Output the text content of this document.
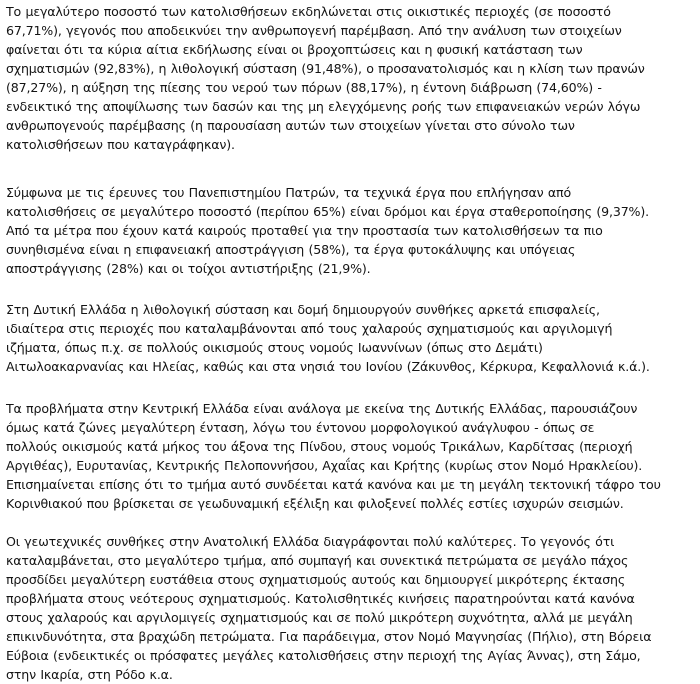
Το μεγαλύτερο ποσοστό των κατολισθήσεων εκδηλώνεται στις οικιστικές περιοχές (σε ποσοστό
67,71%), γεγονός που αποδεικνύει την ανθρωπογενή παρέμβαση. Από την ανάλυση των στοιχείων
φαίνεται ότι τα κύρια αίτια εκδήλωσης είναι οι βροχοπτώσεις και η φυσική κατάσταση των
σχηματισμών (92,83%), η λιθολογική σύσταση (91,48%), ο προσανατολισμός και η κλίση των πρανών
(87,27%), η αύξηση της πίεσης του νερού των πόρων (88,17%), η έντονη διάβρωση (74,60%) -
ενδεικτικό της αποψίλωσης των δασών και της μη ελεγχόμενης ροής των επιφανειακών νερών λόγω
ανθρωπογενούς παρέμβασης (η παρουσίαση αυτών των στοιχείων γίνεται στο σύνολο των
κατολισθήσεων που καταγράφηκαν).

Σύμφωνα με τις έρευνες του Πανεπιστημίου Πατρών, τα τεχνικά έργα που επλήγησαν από
κατολισθήσεις σε μεγαλύτερο ποσοστό (περίπου 65%) είναι δρόμοι και έργα σταθεροποίησης (9,37%).
Από τα μέτρα που έχουν κατά καιρούς προταθεί για την προστασία των κατολισθήσεων τα πιο
συνηθισμένα είναι η επιφανειακή αποστράγγιση (58%), τα έργα φυτοκάλυψης και υπόγειας
αποστράγγισης (28%) και οι τοίχοι αντιστήριξης (21,9%).

Στη Δυτική Ελλάδα η λιθολογική σύσταση και δομή δημιουργούν συνθήκες αρκετά επισφαλείς,
ιδιαίτερα στις περιοχές που καταλαμβάνονται από τους χαλαρούς σχηματισμούς και αργιλομιγή
ιζήματα, όπως π.χ. σε πολλούς οικισμούς στους νομούς Ιωαννίνων (όπως στο Δεμάτι)
Αιτωλοακαρνανίας και Ηλείας, καθώς και στα νησιά του Ιονίου (Ζάκυνθος, Κέρκυρα, Κεφαλλονιά κ.ά.).

Τα προβλήματα στην Κεντρική Ελλάδα είναι ανάλογα με εκείνα της Δυτικής Ελλάδας, παρουσιάζουν
όμως κατά ζώνες μεγαλύτερη ένταση, λόγω του έντονου μορφολογικού ανάγλυφου - όπως σε
πολλούς οικισμούς κατά μήκος του άξονα της Πίνδου, στους νομούς Τρικάλων, Καρδίτσας (περιοχή
Αργιθέας), Ευρυτανίας, Κεντρικής Πελοποννήσου, Αχαΐας και Κρήτης (κυρίως στον Νομό Ηρακλείου).
Επισημαίνεται επίσης ότι το τμήμα αυτό συνδέεται κατά κανόνα και με τη μεγάλη τεκτονική τάφρο του
Κορινθιακού που βρίσκεται σε γεωδυναμική εξέλιξη και φιλοξενεί πολλές εστίες ισχυρών σεισμών.

Οι γεωτεχνικές συνθήκες στην Ανατολική Ελλάδα διαγράφονται πολύ καλύτερες. Το γεγονός ότι
καταλαμβάνεται, στο μεγαλύτερο τμήμα, από συμπαγή και συνεκτικά πετρώματα σε μεγάλο πάχος
προσδίδει μεγαλύτερη ευστάθεια στους σχηματισμούς αυτούς και δημιουργεί μικρότερης έκτασης
προβλήματα στους νεότερους σχηματισμούς. Κατολισθητικές κινήσεις παρατηρούνται κατά κανόνα
στους χαλαρούς και αργιλομιγείς σχηματισμούς και σε πολύ μικρότερη συχνότητα, αλλά με μεγάλη
επικινδυνότητα, στα βραχώδη πετρώματα. Για παράδειγμα, στον Νομό Μαγνησίας (Πήλιο), στη Βόρεια
Εύβοια (ενδεικτικές οι πρόσφατες μεγάλες κατολισθήσεις στην περιοχή της Αγίας Άννας), στη Σάμο,
στην Ικαρία, στη Ρόδο κ.α.
